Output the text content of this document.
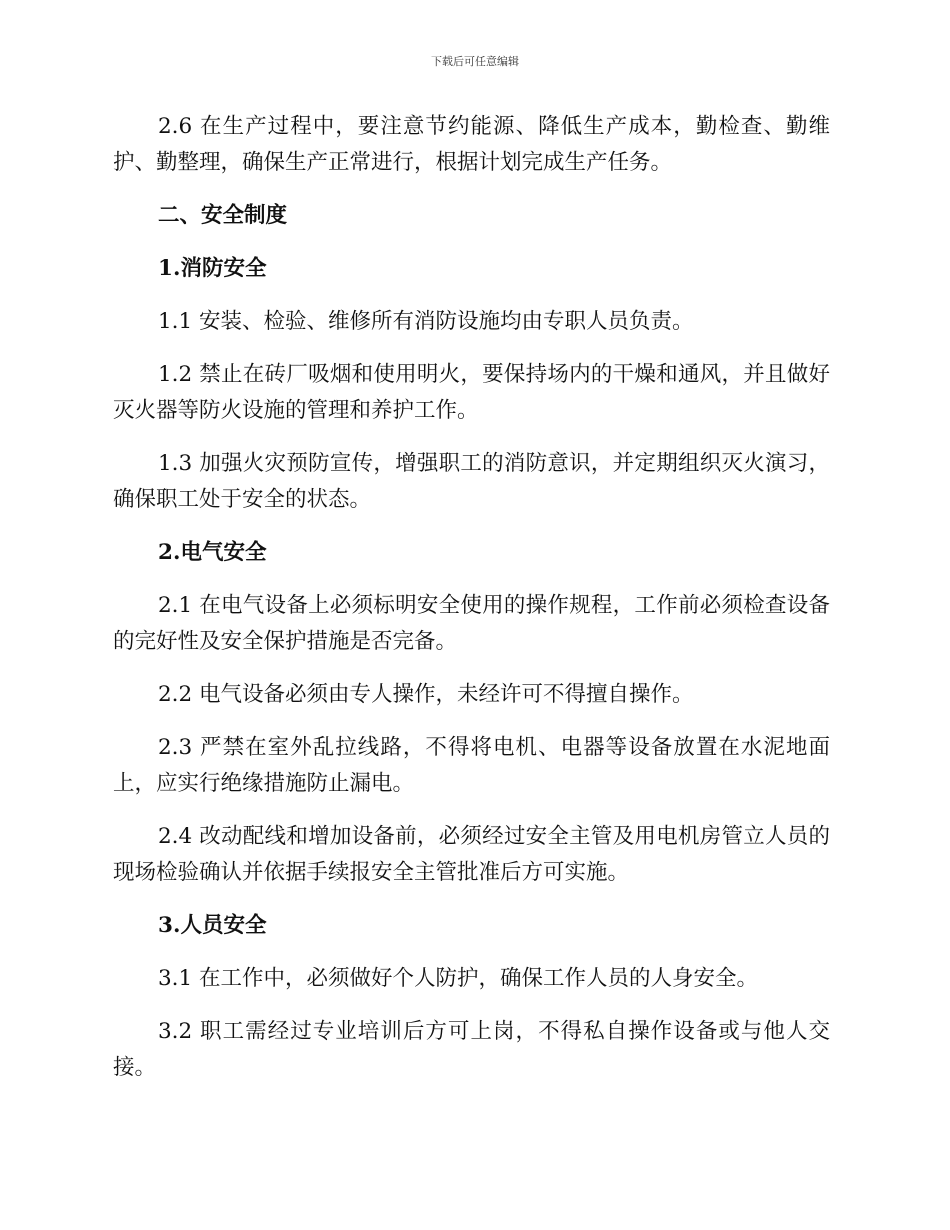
下载后可任意编辑
2.6 在生产过程中，要注意节约能源、降低生产成本，勤检查、勤维
护、勤整理，确保生产正常进行，根据计划完成生产任务。
二、安全制度
1.消防安全
1.1 安装、检验、维修所有消防设施均由专职人员负责。
1.2 禁止在砖厂吸烟和使用明火，要保持场内的干燥和通风，并且做好
灭火器等防火设施的管理和养护工作。
1.3 加强火灾预防宣传，增强职工的消防意识，并定期组织灭火演习，
确保职工处于安全的状态。
2.电气安全
2.1 在电气设备上必须标明安全使用的操作规程，工作前必须检查设备
的完好性及安全保护措施是否完备。
2.2 电气设备必须由专人操作，未经许可不得擅自操作。
2.3 严禁在室外乱拉线路，不得将电机、电器等设备放置在水泥地面
上，应实行绝缘措施防止漏电。
2.4 改动配线和增加设备前，必须经过安全主管及用电机房管立人员的
现场检验确认并依据手续报安全主管批准后方可实施。
3.人员安全
3.1 在工作中，必须做好个人防护，确保工作人员的人身安全。
3.2 职工需经过专业培训后方可上岗，不得私自操作设备或与他人交
接。
